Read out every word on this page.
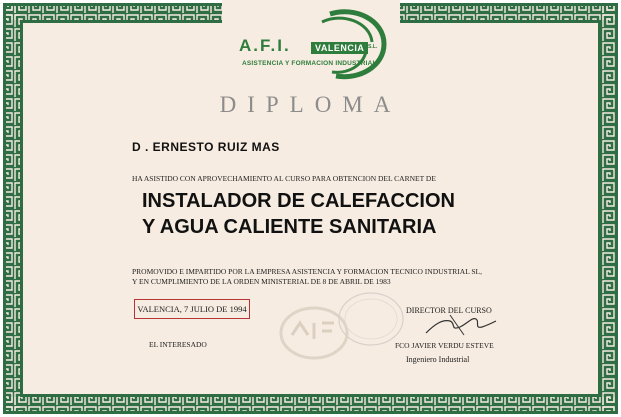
A.F.I.	VALENCIA S.L.
ASISTENCIA Y FORMACION INDUSTRIAL
DIPLOMA
D . ERNESTO RUIZ MAS
HA ASISTIDO CON APROVECHAMIENTO AL CURSO PARA OBTENCION DEL CARNET DE
INSTALADOR DE CALEFACCION
Y AGUA CALIENTE SANITARIA
PROMOVIDO E IMPARTIDO POR LA EMPRESA ASISTENCIA Y FORMACION TECNICO INDUSTRIAL SL,
Y EN CUMPLIMIENTO DE LA ORDEN MINISTERIAL DE 8 DE ABRIL DE 1983
VALENCIA, 7 JULIO DE 1994	DIRECTOR DEL CURSO
EL INTERESADO	FCO JAVIER VERDU ESTEVE
Ingeniero Industrial
